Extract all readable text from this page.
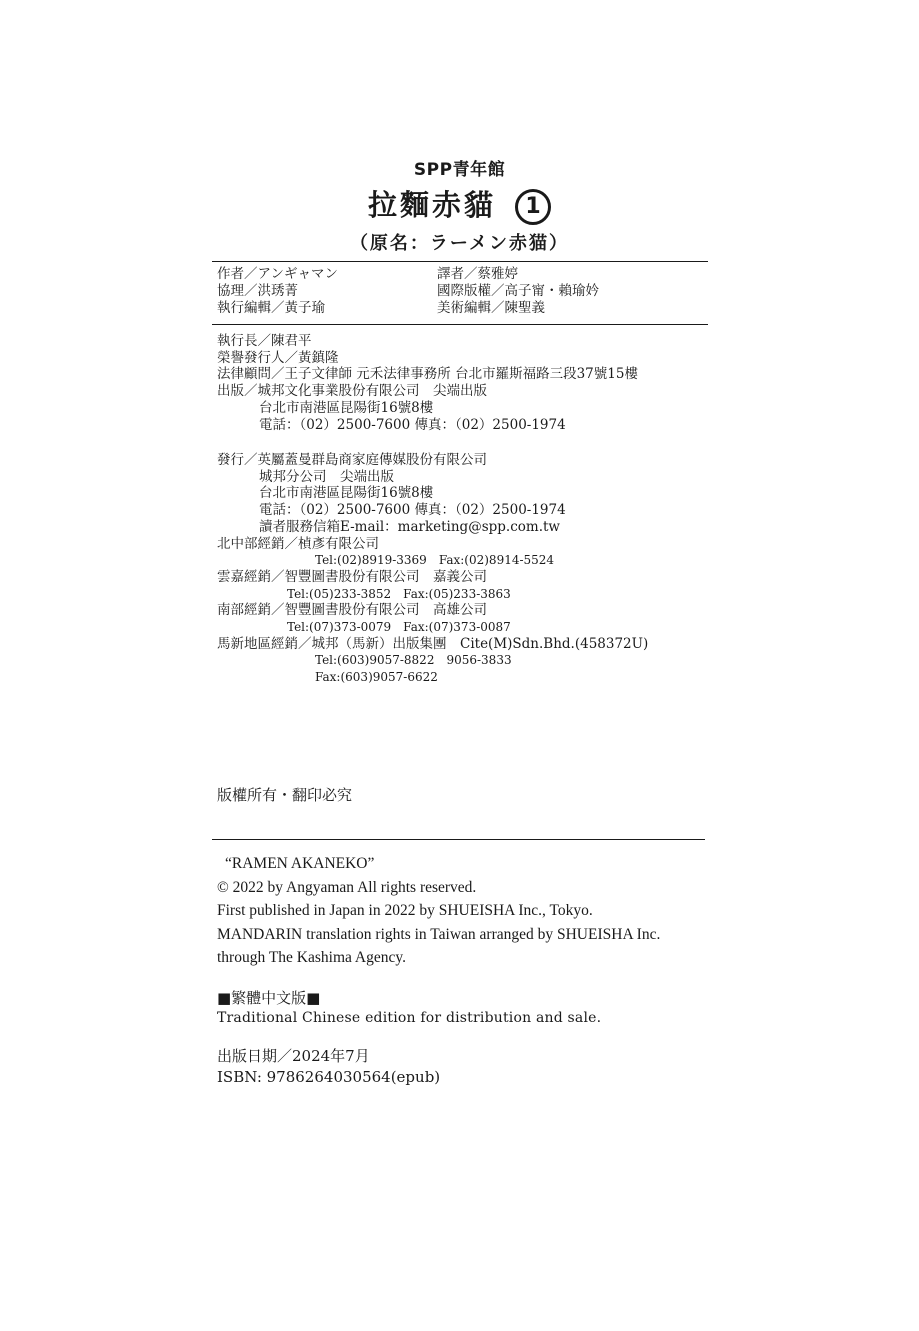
SPP青年館
拉麵赤貓 1
（原名：ラーメン赤猫）
作者／アンギャマン	譯者／蔡雅婷
協理／洪琇菁	國際版權／高子甯・賴瑜妗
執行編輯／黃子瑜	美術編輯／陳聖義
執行長／陳君平
榮譽發行人／黃鎮隆
法律顧問／王子文律師 元禾法律事務所 台北市羅斯福路三段37號15樓
出版／城邦文化事業股份有限公司　尖端出版
台北市南港區昆陽街16號8樓
電話：（02）2500-7600 傳真：（02）2500-1974
發行／英屬蓋曼群島商家庭傳媒股份有限公司
城邦分公司　尖端出版
台北市南港區昆陽街16號8樓
電話：（02）2500-7600 傳真：（02）2500-1974
讀者服務信箱E-mail：marketing@spp.com.tw
北中部經銷／楨彥有限公司
Tel:(02)8919-3369　Fax:(02)8914-5524
雲嘉經銷／智豐圖書股份有限公司　嘉義公司
Tel:(05)233-3852　Fax:(05)233-3863
南部經銷／智豐圖書股份有限公司　高雄公司
Tel:(07)373-0079　Fax:(07)373-0087
馬新地區經銷／城邦（馬新）出版集團　Cite(M)Sdn.Bhd.(458372U)
Tel:(603)9057-8822　9056-3833
Fax:(603)9057-6622
版權所有・翻印必究
“RAMEN AKANEKO”
© 2022 by Angyaman All rights reserved.
First published in Japan in 2022 by SHUEISHA Inc., Tokyo.
MANDARIN translation rights in Taiwan arranged by SHUEISHA Inc.
through The Kashima Agency.
■繁體中文版■
Traditional Chinese edition for distribution and sale.
出版日期／2024年7月
ISBN: 9786264030564(epub)
